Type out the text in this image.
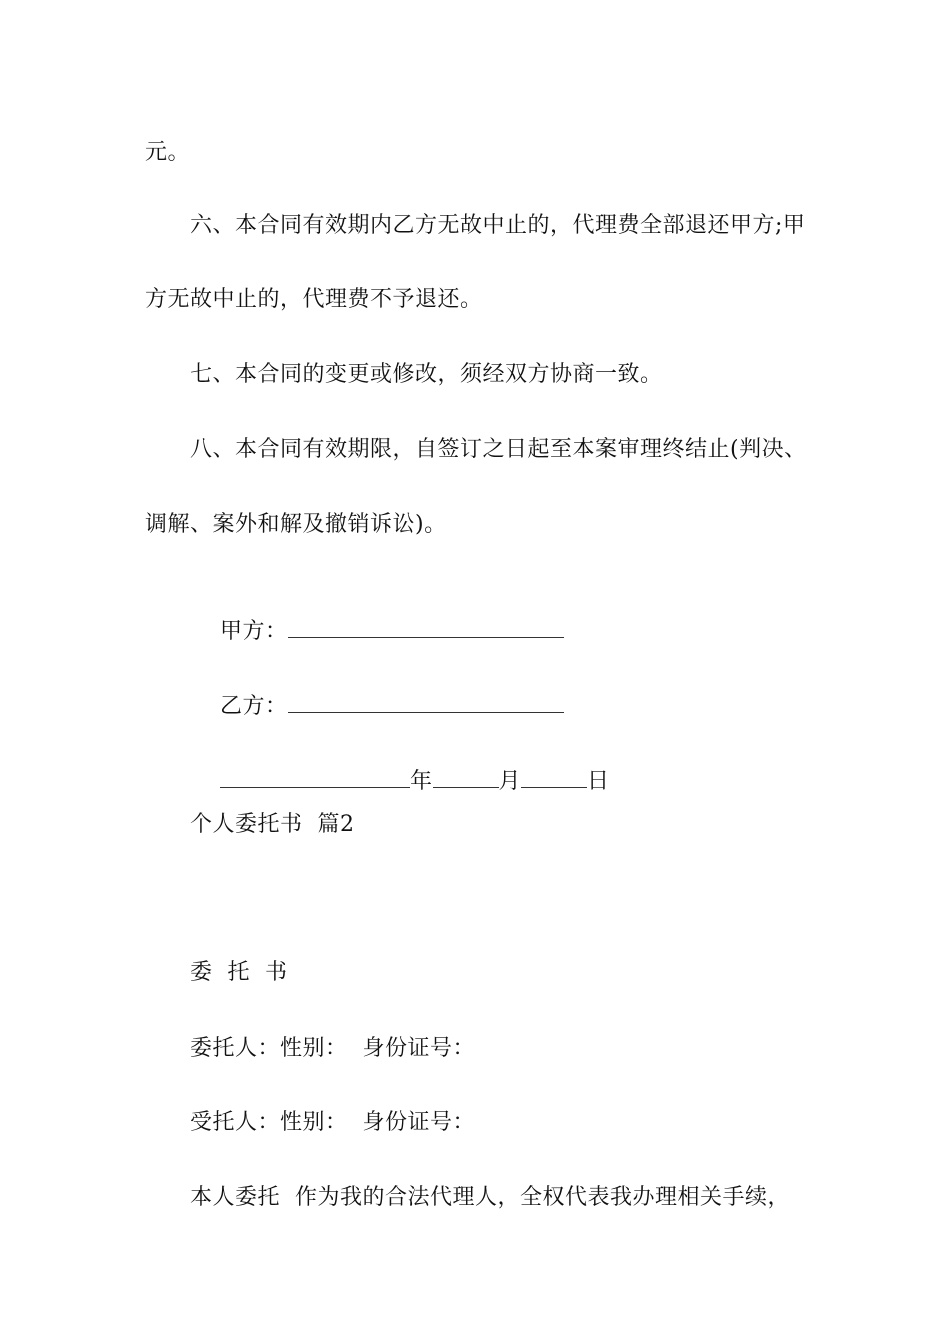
元。
六、本合同有效期内乙方无故中止的，代理费全部退还甲方;甲
方无故中止的，代理费不予退还。
七、本合同的变更或修改，须经双方协商一致。
八、本合同有效期限，自签订之日起至本案审理终结止(判决、
调解、案外和解及撤销诉讼)。

甲方：

乙方：

年	月	日

个人委托书  篇2
委  托  书
委托人：性别：  身份证号：
受托人：性别：  身份证号：
本人委托  作为我的合法代理人，全权代表我办理相关手续，
